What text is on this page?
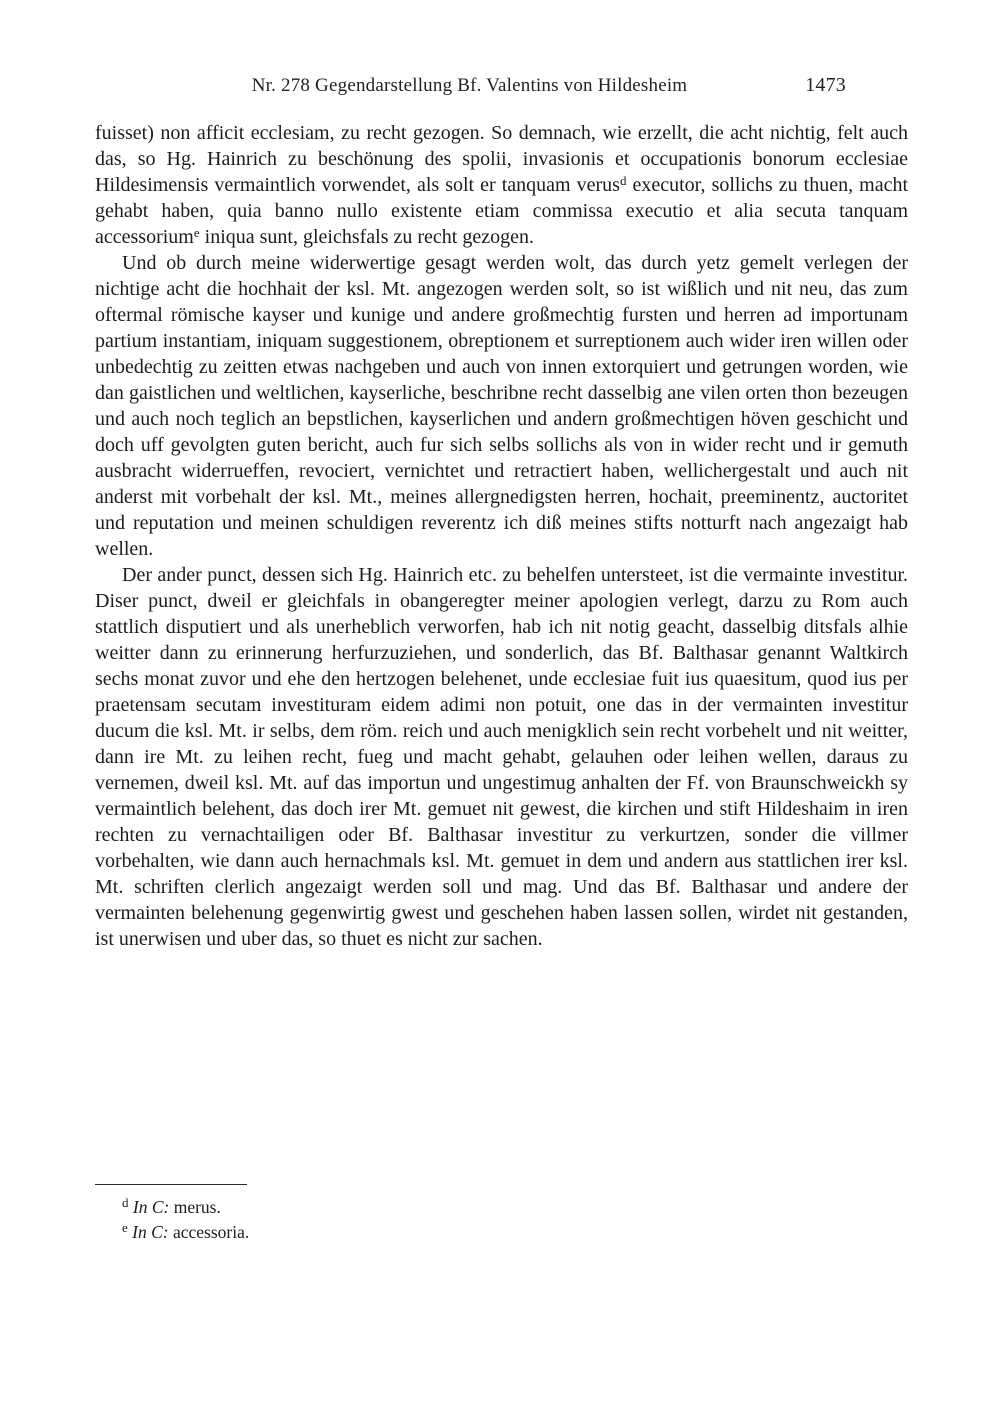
Nr. 278 Gegendarstellung Bf. Valentins von Hildesheim	1473

fuisset) non afficit ecclesiam, zu recht gezogen. So demnach, wie erzellt, die acht nichtig, felt auch das, so Hg. Hainrich zu beschönung des spolii, invasionis et occupationis bonorum ecclesiae Hildesimensis vermaintlich vorwendet, als solt er tanquam verus$^d$ executor, sollichs zu thuen, macht gehabt haben, quia banno nullo existente etiam commissa executio et alia secuta tanquam accessorium$^e$ iniqua sunt, gleichsfals zu recht gezogen.

Und ob durch meine widerwertige gesagt werden wolt, das durch yetz gemelt verlegen der nichtige acht die hochhait der ksl. Mt. angezogen werden solt, so ist wißlich und nit neu, das zum oftermal römische kayser und kunige und andere großmechtig fursten und herren ad importunam partium instantiam, iniquam suggestionem, obreptionem et surreptionem auch wider iren willen oder unbedechtig zu zeitten etwas nachgeben und auch von innen extorquiert und getrungen worden, wie dan gaistlichen und weltlichen, kayserliche, beschribne recht dasselbig ane vilen orten thon bezeugen und auch noch teglich an bepstlichen, kayserlichen und andern großmechtigen höven geschicht und doch uff gevolgten guten bericht, auch fur sich selbs sollichs als von in wider recht und ir gemuth ausbracht widerrueffen, revociert, vernichtet und retractiert haben, wellichergestalt und auch nit anderst mit vorbehalt der ksl. Mt., meines allergnedigsten herren, hochait, preeminentz, auctoritet und reputation und meinen schuldigen reverentz ich diß meines stifts notturft nach angezaigt hab wellen.

Der ander punct, dessen sich Hg. Hainrich etc. zu behelfen untersteet, ist die vermainte investitur. Diser punct, dweil er gleichfals in obangeregter meiner apologien verlegt, darzu zu Rom auch stattlich disputiert und als unerheblich verworfen, hab ich nit notig geacht, dasselbig ditsfals alhie weitter dann zu erinnerung herfurzuziehen, und sonderlich, das Bf. Balthasar genannt Waltkirch sechs monat zuvor und ehe den hertzogen belehenet, unde ecclesiae fuit ius quaesitum, quod ius per praetensam secutam investituram eidem adimi non potuit, one das in der vermainten investitur ducum die ksl. Mt. ir selbs, dem röm. reich und auch menigklich sein recht vorbehelt und nit weitter, dann ire Mt. zu leihen recht, fueg und macht gehabt, gelauhen oder leihen wellen, daraus zu vernemen, dweil ksl. Mt. auf das importun und ungestimug anhalten der Ff. von Braunschweickh sy vermaintlich belehent, das doch irer Mt. gemuet nit gewest, die kirchen und stift Hildeshaim in iren rechten zu vernachtailigen oder Bf. Balthasar investitur zu verkurtzen, sonder die villmer vorbehalten, wie dann auch hernachmals ksl. Mt. gemuet in dem und andern aus stattlichen irer ksl. Mt. schriften clerlich angezaigt werden soll und mag. Und das Bf. Balthasar und andere der vermainten belehenung gegenwirtig gwest und geschehen haben lassen sollen, wirdet nit gestanden, ist unerwisen und uber das, so thuet es nicht zur sachen.

$^d$ In C: merus.
$^e$ In C: accessoria.
